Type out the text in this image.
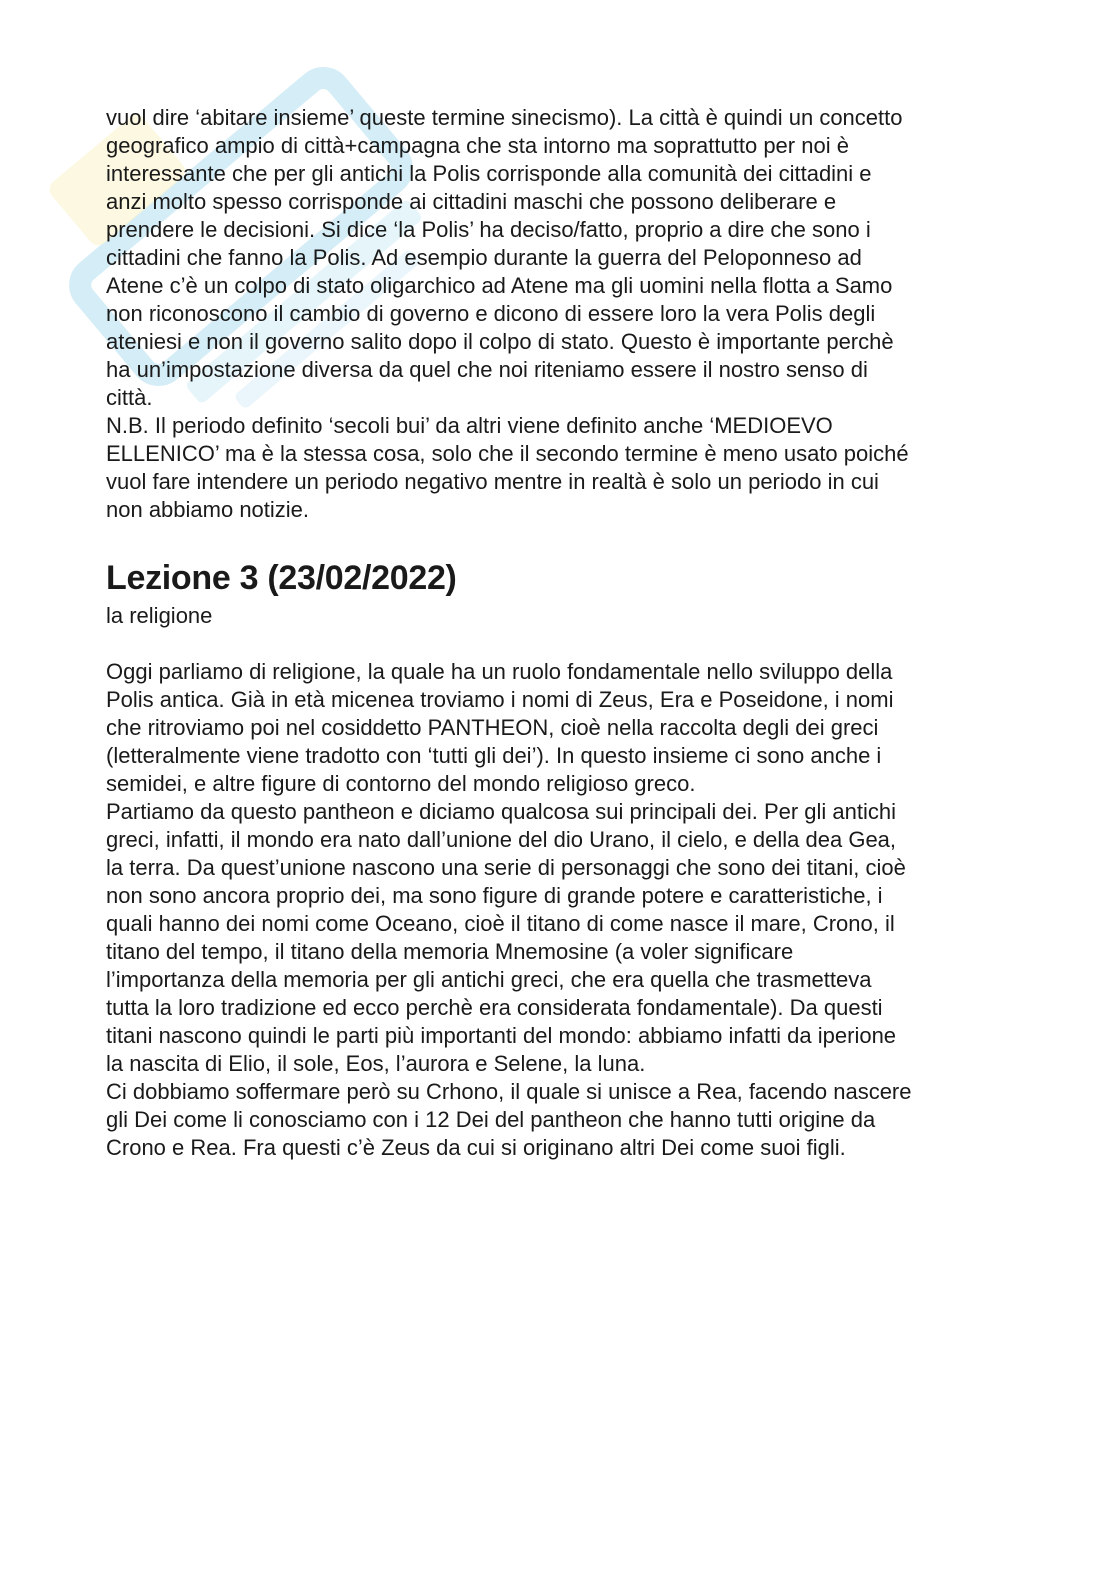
vuol dire ‘abitare insieme’ queste termine sinecismo). La città è quindi un concetto
geografico ampio di città+campagna che sta intorno ma soprattutto per noi è
interessante che per gli antichi la Polis corrisponde alla comunità dei cittadini e
anzi molto spesso corrisponde ai cittadini maschi che possono deliberare e
prendere le decisioni. Si dice ‘la Polis’ ha deciso/fatto, proprio a dire che sono i
cittadini che fanno la Polis. Ad esempio durante la guerra del Peloponneso ad
Atene c’è un colpo di stato oligarchico ad Atene ma gli uomini nella flotta a Samo
non riconoscono il cambio di governo e dicono di essere loro la vera Polis degli
ateniesi e non il governo salito dopo il colpo di stato. Questo è importante perchè
ha un’impostazione diversa da quel che noi riteniamo essere il nostro senso di
città.

N.B. Il periodo definito ‘secoli bui’ da altri viene definito anche ‘MEDIOEVO
ELLENICO’ ma è la stessa cosa, solo che il secondo termine è meno usato poiché
vuol fare intendere un periodo negativo mentre in realtà è solo un periodo in cui
non abbiamo notizie.

Lezione 3 (23/02/2022)

la religione

Oggi parliamo di religione, la quale ha un ruolo fondamentale nello sviluppo della
Polis antica. Già in età micenea troviamo i nomi di Zeus, Era e Poseidone, i nomi
che ritroviamo poi nel cosiddetto PANTHEON, cioè nella raccolta degli dei greci
(letteralmente viene tradotto con ‘tutti gli dei’). In questo insieme ci sono anche i
semidei, e altre figure di contorno del mondo religioso greco.

Partiamo da questo pantheon e diciamo qualcosa sui principali dei. Per gli antichi
greci, infatti, il mondo era nato dall’unione del dio Urano, il cielo, e della dea Gea,
la terra. Da quest’unione nascono una serie di personaggi che sono dei titani, cioè
non sono ancora proprio dei, ma sono figure di grande potere e caratteristiche, i
quali hanno dei nomi come Oceano, cioè il titano di come nasce il mare, Crono, il
titano del tempo, il titano della memoria Mnemosine (a voler significare
l’importanza della memoria per gli antichi greci, che era quella che trasmetteva
tutta la loro tradizione ed ecco perchè era considerata fondamentale). Da questi
titani nascono quindi le parti più importanti del mondo: abbiamo infatti da iperione
la nascita di Elio, il sole, Eos, l’aurora e Selene, la luna.

Ci dobbiamo soffermare però su Crhono, il quale si unisce a Rea, facendo nascere
gli Dei come li conosciamo con i 12 Dei del pantheon che hanno tutti origine da
Crono e Rea. Fra questi c’è Zeus da cui si originano altri Dei come suoi figli.
